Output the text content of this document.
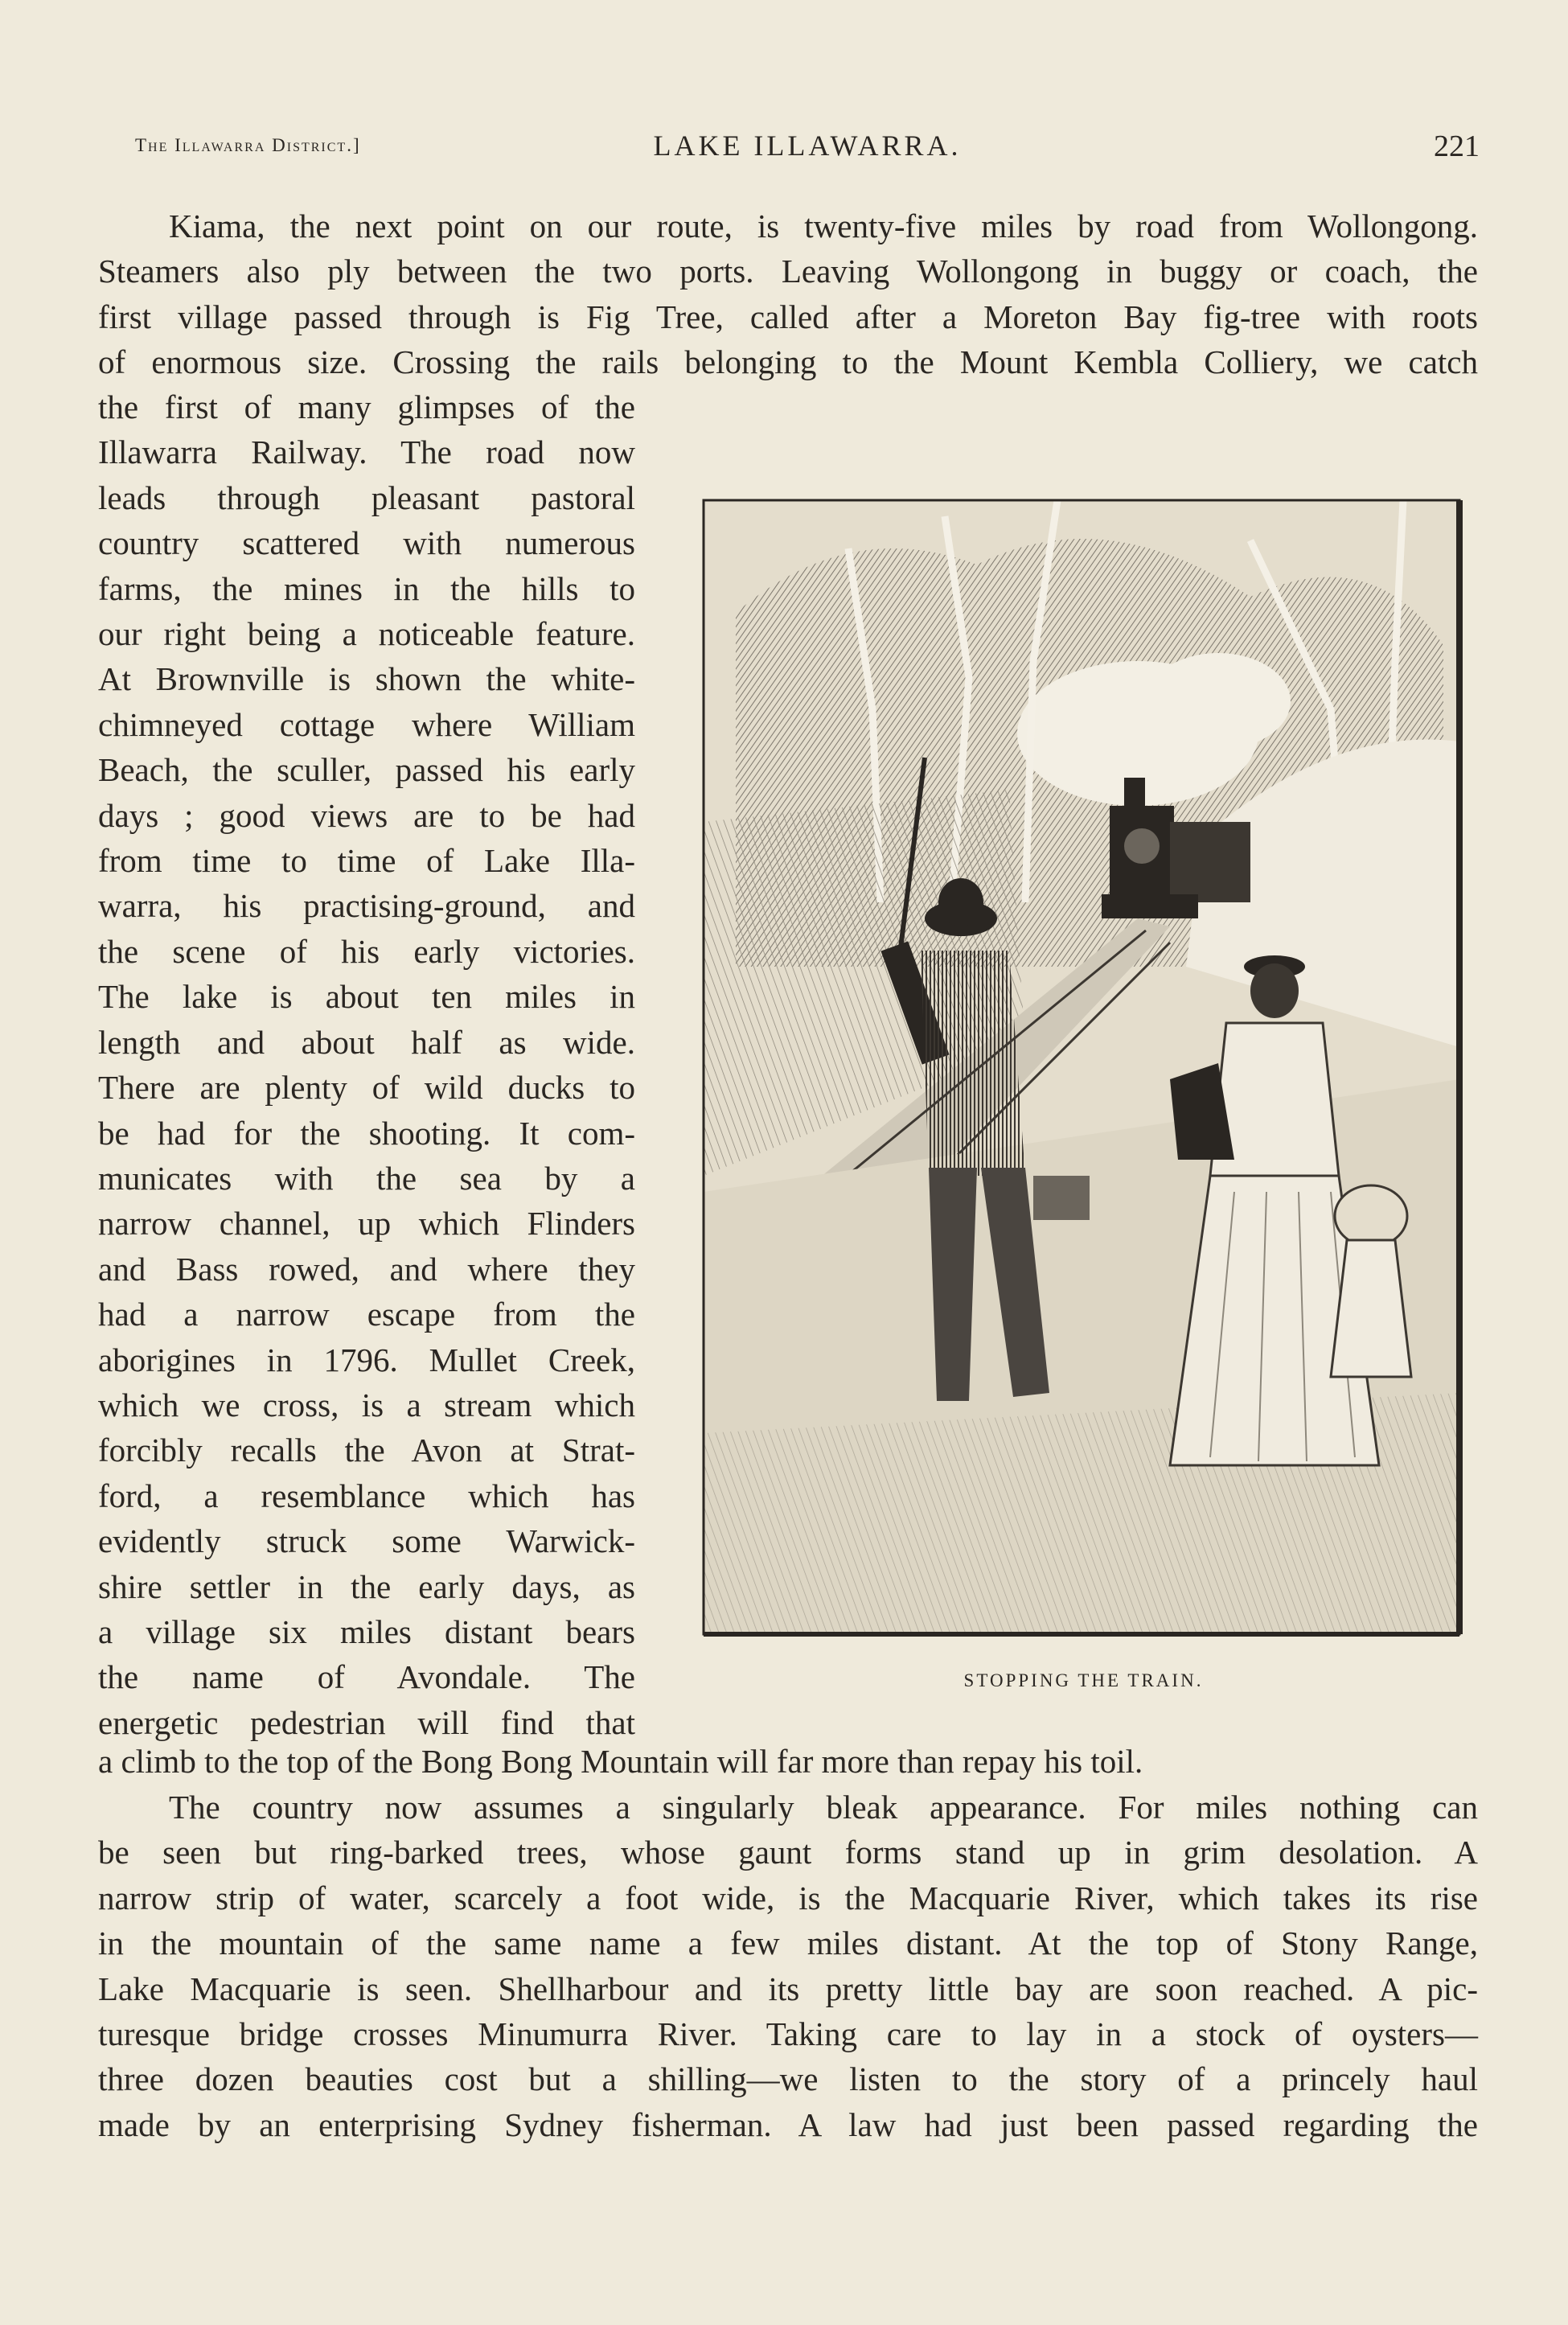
The Illawarra District.]	LAKE ILLAWARRA.	221
Kiama, the next point on our route, is twenty-five miles by road from Wollongong.
Steamers also ply between the two ports. Leaving Wollongong in buggy or coach, the
first village passed through is Fig Tree, called after a Moreton Bay fig-tree with roots
of enormous size. Crossing the rails belonging to the Mount Kembla Colliery, we catch
the first of many glimpses of the
Illawarra Railway. The road now
leads through pleasant pastoral
country scattered with numerous
farms, the mines in the hills to
our right being a noticeable feature.
At Brownville is shown the white-
chimneyed cottage where William
Beach, the sculler, passed his early
days ; good views are to be had
from time to time of Lake Illa-
warra, his practising-ground, and
the scene of his early victories.
The lake is about ten miles in
length and about half as wide.
There are plenty of wild ducks to
be had for the shooting. It com-
municates with the sea by a
narrow channel, up which Flinders
and Bass rowed, and where they
had a narrow escape from the
aborigines in 1796. Mullet Creek,
which we cross, is a stream which
forcibly recalls the Avon at Strat-
ford, a resemblance which has
evidently struck some Warwick-
shire settler in the early days, as
a village six miles distant bears
the name of Avondale. The
energetic pedestrian will find that
STOPPING THE TRAIN.
a climb to the top of the Bong Bong Mountain will far more than repay his toil.
The country now assumes a singularly bleak appearance. For miles nothing can
be seen but ring-barked trees, whose gaunt forms stand up in grim desolation. A
narrow strip of water, scarcely a foot wide, is the Macquarie River, which takes its rise
in the mountain of the same name a few miles distant. At the top of Stony Range,
Lake Macquarie is seen. Shellharbour and its pretty little bay are soon reached. A pic-
turesque bridge crosses Minumurra River. Taking care to lay in a stock of oysters—
three dozen beauties cost but a shilling—we listen to the story of a princely haul
made by an enterprising Sydney fisherman. A law had just been passed regarding the
